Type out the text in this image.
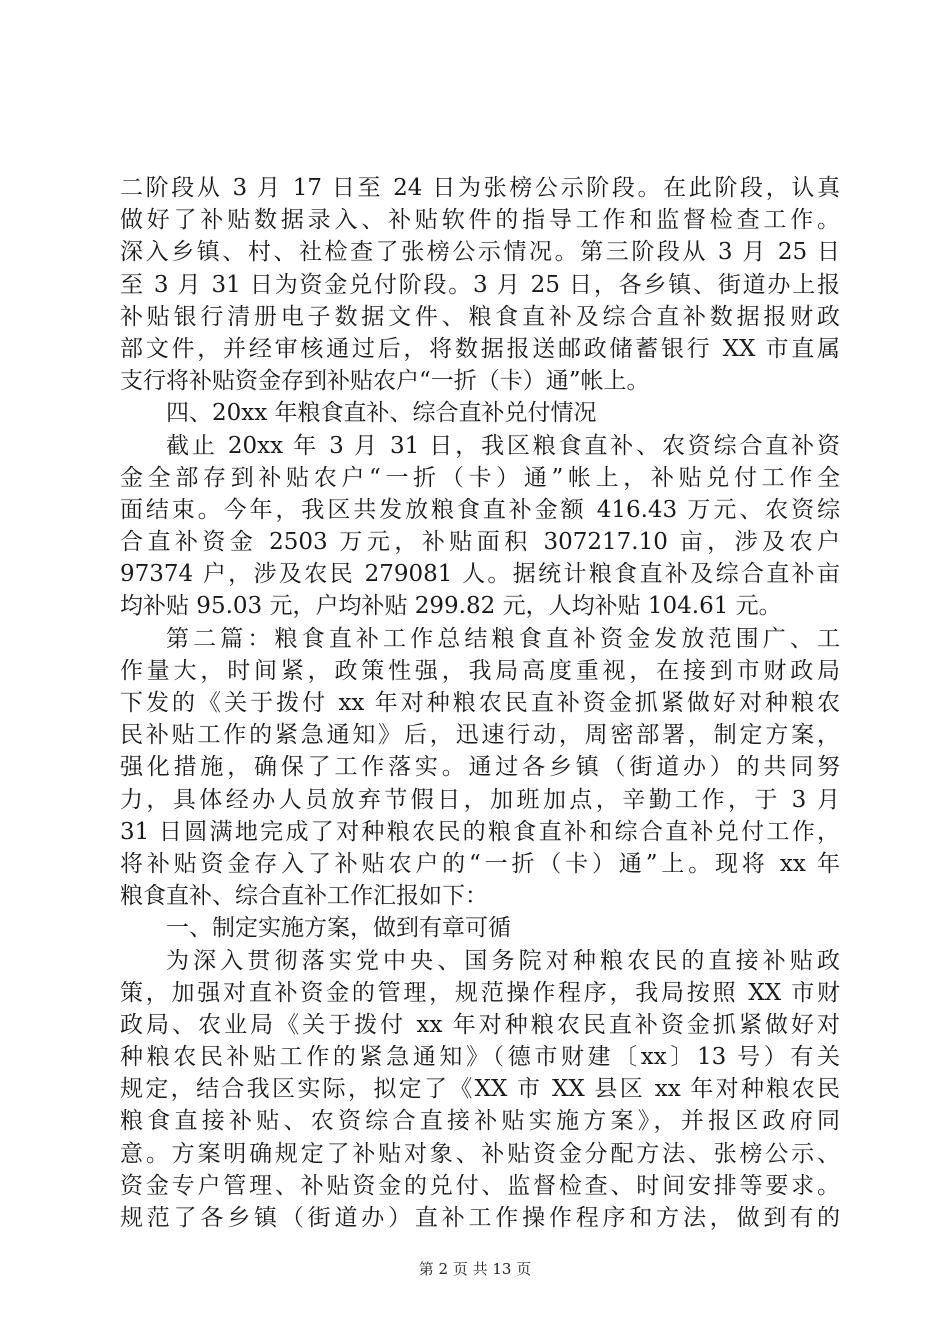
二阶段从 3 月 17 日至 24 日为张榜公示阶段。在此阶段，认真
做好了补贴数据录入、补贴软件的指导工作和监督检查工作。
深入乡镇、村、社检查了张榜公示情况。第三阶段从 3 月 25 日
至 3 月 31 日为资金兑付阶段。3 月 25 日，各乡镇、街道办上报
补贴银行清册电子数据文件、粮食直补及综合直补数据报财政
部文件，并经审核通过后，将数据报送邮政储蓄银行 XX 市直属
支行将补贴资金存到补贴农户“一折（卡）通”帐上。
四、20xx 年粮食直补、综合直补兑付情况
截止 20xx 年 3 月 31 日，我区粮食直补、农资综合直补资
金全部存到补贴农户“一折（卡）通”帐上，补贴兑付工作全
面结束。今年，我区共发放粮食直补金额 416.43 万元、农资综
合直补资金 2503 万元，补贴面积 307217.10 亩，涉及农户
97374 户，涉及农民 279081 人。据统计粮食直补及综合直补亩
均补贴 95.03 元，户均补贴 299.82 元，人均补贴 104.61 元。
第二篇：粮食直补工作总结粮食直补资金发放范围广、工
作量大，时间紧，政策性强，我局高度重视，在接到市财政局
下发的《关于拨付 xx 年对种粮农民直补资金抓紧做好对种粮农
民补贴工作的紧急通知》后，迅速行动，周密部署，制定方案，
强化措施，确保了工作落实。通过各乡镇（街道办）的共同努
力，具体经办人员放弃节假日，加班加点，辛勤工作，于 3 月
31 日圆满地完成了对种粮农民的粮食直补和综合直补兑付工作，
将补贴资金存入了补贴农户的“一折（卡）通”上。现将 xx 年
粮食直补、综合直补工作汇报如下：
一、制定实施方案，做到有章可循
为深入贯彻落实党中央、国务院对种粮农民的直接补贴政
策，加强对直补资金的管理，规范操作程序，我局按照 XX 市财
政局、农业局《关于拨付 xx 年对种粮农民直补资金抓紧做好对
种粮农民补贴工作的紧急通知》（德市财建〔xx〕13 号）有关
规定，结合我区实际，拟定了《XX 市 XX 县区 xx 年对种粮农民
粮食直接补贴、农资综合直接补贴实施方案》，并报区政府同
意。方案明确规定了补贴对象、补贴资金分配方法、张榜公示、
资金专户管理、补贴资金的兑付、监督检查、时间安排等要求。
规范了各乡镇（街道办）直补工作操作程序和方法，做到有的
第 2 页 共 13 页
